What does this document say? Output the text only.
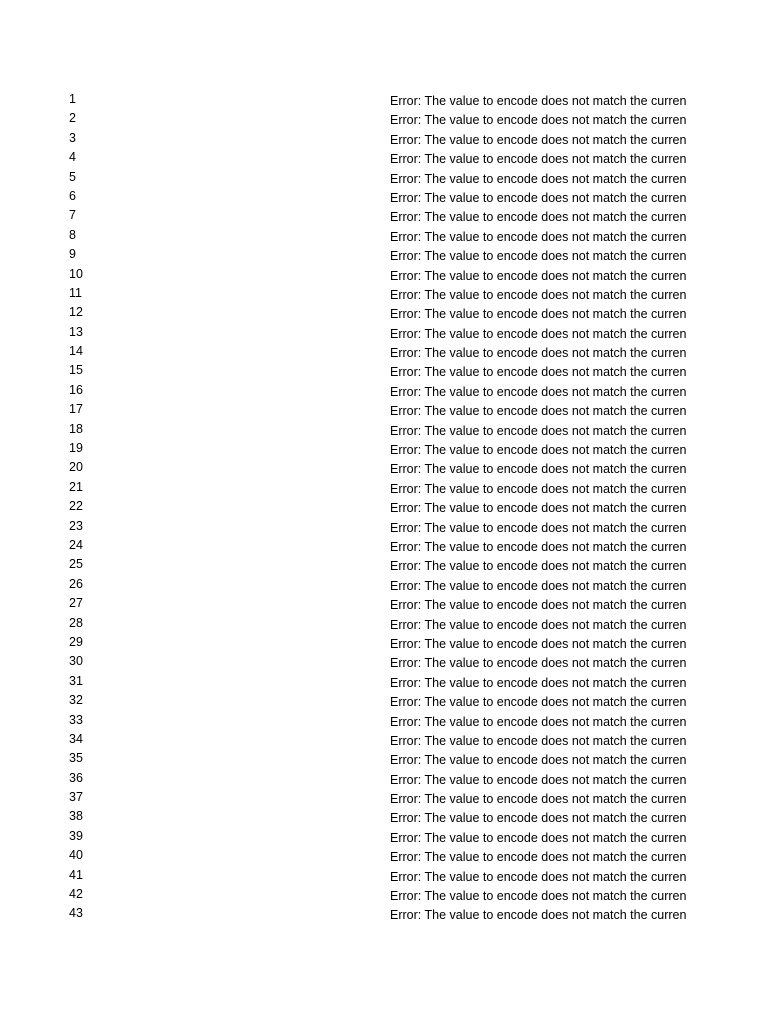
1	Error: The value to encode does not match the curren
2	Error: The value to encode does not match the curren
3	Error: The value to encode does not match the curren
4	Error: The value to encode does not match the curren
5	Error: The value to encode does not match the curren
6	Error: The value to encode does not match the curren
7	Error: The value to encode does not match the curren
8	Error: The value to encode does not match the curren
9	Error: The value to encode does not match the curren
10	Error: The value to encode does not match the curren
11	Error: The value to encode does not match the curren
12	Error: The value to encode does not match the curren
13	Error: The value to encode does not match the curren
14	Error: The value to encode does not match the curren
15	Error: The value to encode does not match the curren
16	Error: The value to encode does not match the curren
17	Error: The value to encode does not match the curren
18	Error: The value to encode does not match the curren
19	Error: The value to encode does not match the curren
20	Error: The value to encode does not match the curren
21	Error: The value to encode does not match the curren
22	Error: The value to encode does not match the curren
23	Error: The value to encode does not match the curren
24	Error: The value to encode does not match the curren
25	Error: The value to encode does not match the curren
26	Error: The value to encode does not match the curren
27	Error: The value to encode does not match the curren
28	Error: The value to encode does not match the curren
29	Error: The value to encode does not match the curren
30	Error: The value to encode does not match the curren
31	Error: The value to encode does not match the curren
32	Error: The value to encode does not match the curren
33	Error: The value to encode does not match the curren
34	Error: The value to encode does not match the curren
35	Error: The value to encode does not match the curren
36	Error: The value to encode does not match the curren
37	Error: The value to encode does not match the curren
38	Error: The value to encode does not match the curren
39	Error: The value to encode does not match the curren
40	Error: The value to encode does not match the curren
41	Error: The value to encode does not match the curren
42	Error: The value to encode does not match the curren
43	Error: The value to encode does not match the curren
